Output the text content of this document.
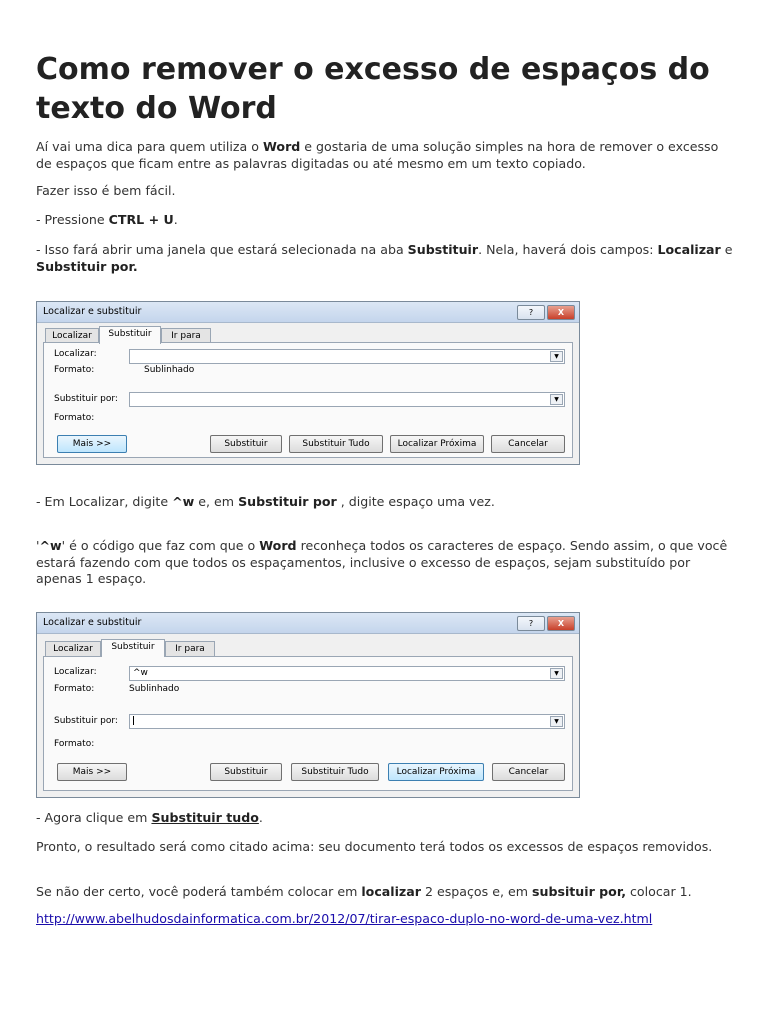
Como remover o excesso de espaços do texto do Word

Aí vai uma dica para quem utiliza o Word e gostaria de uma solução simples na hora de remover o excesso de espaços que ficam entre as palavras digitadas ou até mesmo em um texto copiado.

Fazer isso é bem fácil.

- Pressione CTRL + U.

- Isso fará abrir uma janela que estará selecionada na aba Substituir. Nela, haverá dois campos: Localizar e Substituir por.

Localizar e substituir	?	X
Localizar	Substituir	Ir para
Localizar:	▼
Formato:	Sublinhado
Substituir por:	▼
Formato:
Mais >>	Substituir	Substituir Tudo	Localizar Próxima	Cancelar

- Em Localizar, digite ^w e, em Substituir por , digite espaço uma vez.

'^w' é o código que faz com que o Word reconheça todos os caracteres de espaço. Sendo assim, o que você estará fazendo com que todos os espaçamentos, inclusive o excesso de espaços, sejam substituído por apenas 1 espaço.

Localizar e substituir	?	X
Localizar	Substituir	Ir para
Localizar:	^w	▼
Formato:	Sublinhado
Substituir por:	▼
Formato:
Mais >>	Substituir	Substituir Tudo	Localizar Próxima	Cancelar

- Agora clique em Substituir tudo.

Pronto, o resultado será como citado acima: seu documento terá todos os excessos de espaços removidos.

Se não der certo, você poderá também colocar em localizar 2 espaços e, em subsituir por, colocar 1.

http://www.abelhudosdainformatica.com.br/2012/07/tirar-espaco-duplo-no-word-de-uma-vez.html
